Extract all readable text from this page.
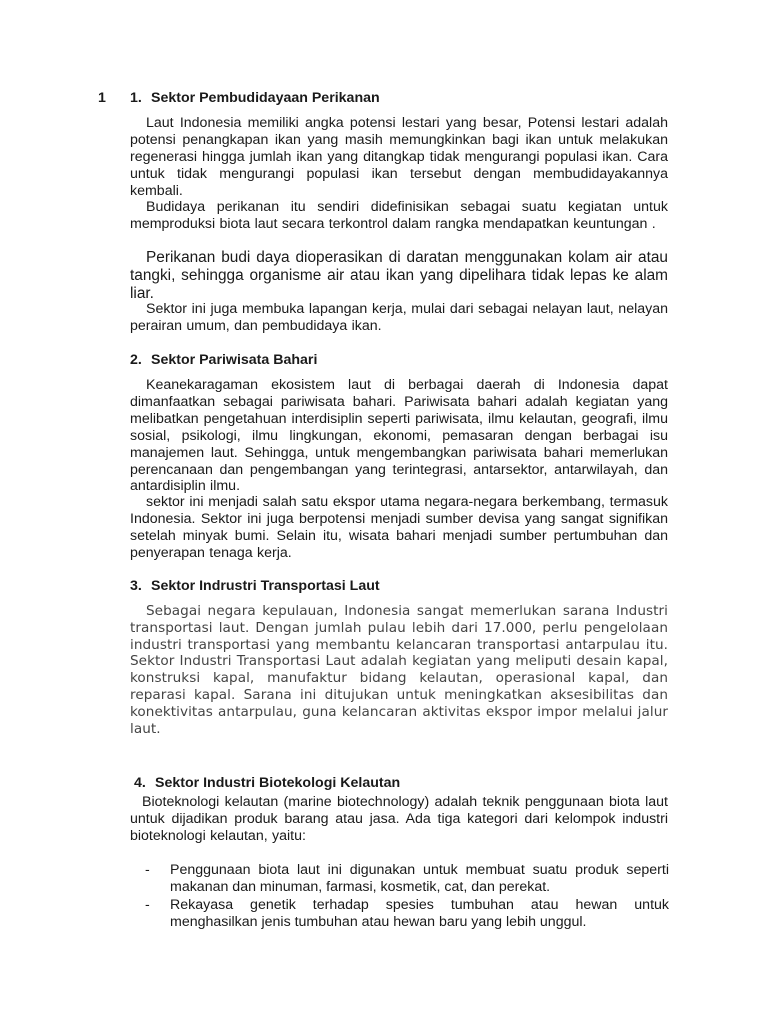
1 1. Sektor Pembudidayaan Perikanan

Laut Indonesia memiliki angka potensi lestari yang besar, Potensi lestari adalah potensi penangkapan ikan yang masih memungkinkan bagi ikan untuk melakukan regenerasi hingga jumlah ikan yang ditangkap tidak mengurangi populasi ikan. Cara untuk tidak mengurangi populasi ikan tersebut dengan membudidayakannya kembali.

Budidaya perikanan itu sendiri didefinisikan sebagai suatu kegiatan untuk memproduksi biota laut secara terkontrol dalam rangka mendapatkan keuntungan .

Perikanan budi daya dioperasikan di daratan menggunakan kolam air atau tangki, sehingga organisme air atau ikan yang dipelihara tidak lepas ke alam liar.

Sektor ini juga membuka lapangan kerja, mulai dari sebagai nelayan laut, nelayan perairan umum, dan pembudidaya ikan.

2. Sektor Pariwisata Bahari

Keanekaragaman ekosistem laut di berbagai daerah di Indonesia dapat dimanfaatkan sebagai pariwisata bahari. Pariwisata bahari adalah kegiatan yang melibatkan pengetahuan interdisiplin seperti pariwisata, ilmu kelautan, geografi, ilmu sosial, psikologi, ilmu lingkungan, ekonomi, pemasaran dengan berbagai isu manajemen laut. Sehingga, untuk mengembangkan pariwisata bahari memerlukan perencanaan dan pengembangan yang terintegrasi, antarsektor, antarwilayah, dan antardisiplin ilmu.

sektor ini menjadi salah satu ekspor utama negara-negara berkembang, termasuk Indonesia. Sektor ini juga berpotensi menjadi sumber devisa yang sangat signifikan setelah minyak bumi. Selain itu, wisata bahari menjadi sumber pertumbuhan dan penyerapan tenaga kerja.

3. Sektor Indrustri Transportasi Laut

Sebagai negara kepulauan, Indonesia sangat memerlukan sarana Industri transportasi laut. Dengan jumlah pulau lebih dari 17.000, perlu pengelolaan industri transportasi yang membantu kelancaran transportasi antarpulau itu. Sektor Industri Transportasi Laut adalah kegiatan yang meliputi desain kapal, konstruksi kapal, manufaktur bidang kelautan, operasional kapal, dan reparasi kapal. Sarana ini ditujukan untuk meningkatkan aksesibilitas dan konektivitas antarpulau, guna kelancaran aktivitas ekspor impor melalui jalur laut.

4. Sektor Industri Biotekologi Kelautan

Bioteknologi kelautan (marine biotechnology) adalah teknik penggunaan biota laut untuk dijadikan produk barang atau jasa. Ada tiga kategori dari kelompok industri bioteknologi kelautan, yaitu:

- Penggunaan biota laut ini digunakan untuk membuat suatu produk seperti makanan dan minuman, farmasi, kosmetik, cat, dan perekat.
- Rekayasa genetik terhadap spesies tumbuhan atau hewan untuk menghasilkan jenis tumbuhan atau hewan baru yang lebih unggul.
